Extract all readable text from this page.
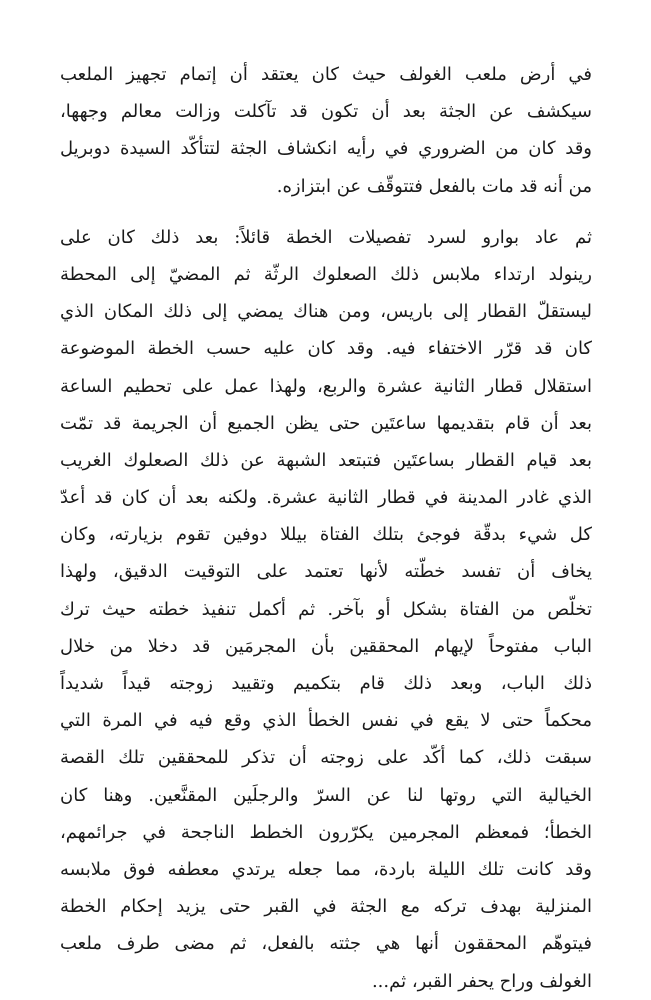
في أرض ملعب الغولف حيث كان يعتقد أن إتمام تجهيز الملعب
سيكشف عن الجثة بعد أن تكون قد تآكلت وزالت معالم وجهها،
وقد كان من الضروري في رأيه انكشاف الجثة لتتأكّد السيدة دوبريل
من أنه قد مات بالفعل فتتوقّف عن ابتزازه.
ثم عاد بوارو لسرد تفصيلات الخطة قائلاً: بعد ذلك كان على
رينولد ارتداء ملابس ذلك الصعلوك الرثّة ثم المضيّ إلى المحطة
ليستقلّ القطار إلى باريس، ومن هناك يمضي إلى ذلك المكان الذي
كان قد قرّر الاختفاء فيه. وقد كان عليه حسب الخطة الموضوعة
استقلال قطار الثانية عشرة والربع، ولهذا عمل على تحطيم الساعة
بعد أن قام بتقديمها ساعتَين حتى يظن الجميع أن الجريمة قد تمّت
بعد قيام القطار بساعتَين فتبتعد الشبهة عن ذلك الصعلوك الغريب
الذي غادر المدينة في قطار الثانية عشرة. ولكنه بعد أن كان قد أعدّ
كل شيء بدقّة فوجئ بتلك الفتاة بيللا دوفين تقوم بزيارته، وكان
يخاف أن تفسد خطّته لأنها تعتمد على التوقيت الدقيق، ولهذا
تخلّص من الفتاة بشكل أو بآخر. ثم أكمل تنفيذ خطته حيث ترك
الباب مفتوحاً لإيهام المحققين بأن المجرمَين قد دخلا من خلال
ذلك الباب، وبعد ذلك قام بتكميم وتقييد زوجته قيداً شديداً
محكماً حتى لا يقع في نفس الخطأ الذي وقع فيه في المرة التي
سبقت ذلك، كما أكّد على زوجته أن تذكر للمحققين تلك القصة
الخيالية التي روتها لنا عن السرّ والرجلَين المقنَّعين. وهنا كان
الخطأ؛ فمعظم المجرمين يكرّرون الخطط الناجحة في جرائمهم،
وقد كانت تلك الليلة باردة، مما جعله يرتدي معطفه فوق ملابسه
المنزلية بهدف تركه مع الجثة في القبر حتى يزيد إحكام الخطة
فيتوهّم المحققون أنها هي جثته بالفعل، ثم مضى طرف ملعب
الغولف وراح يحفر القبر، ثم...
